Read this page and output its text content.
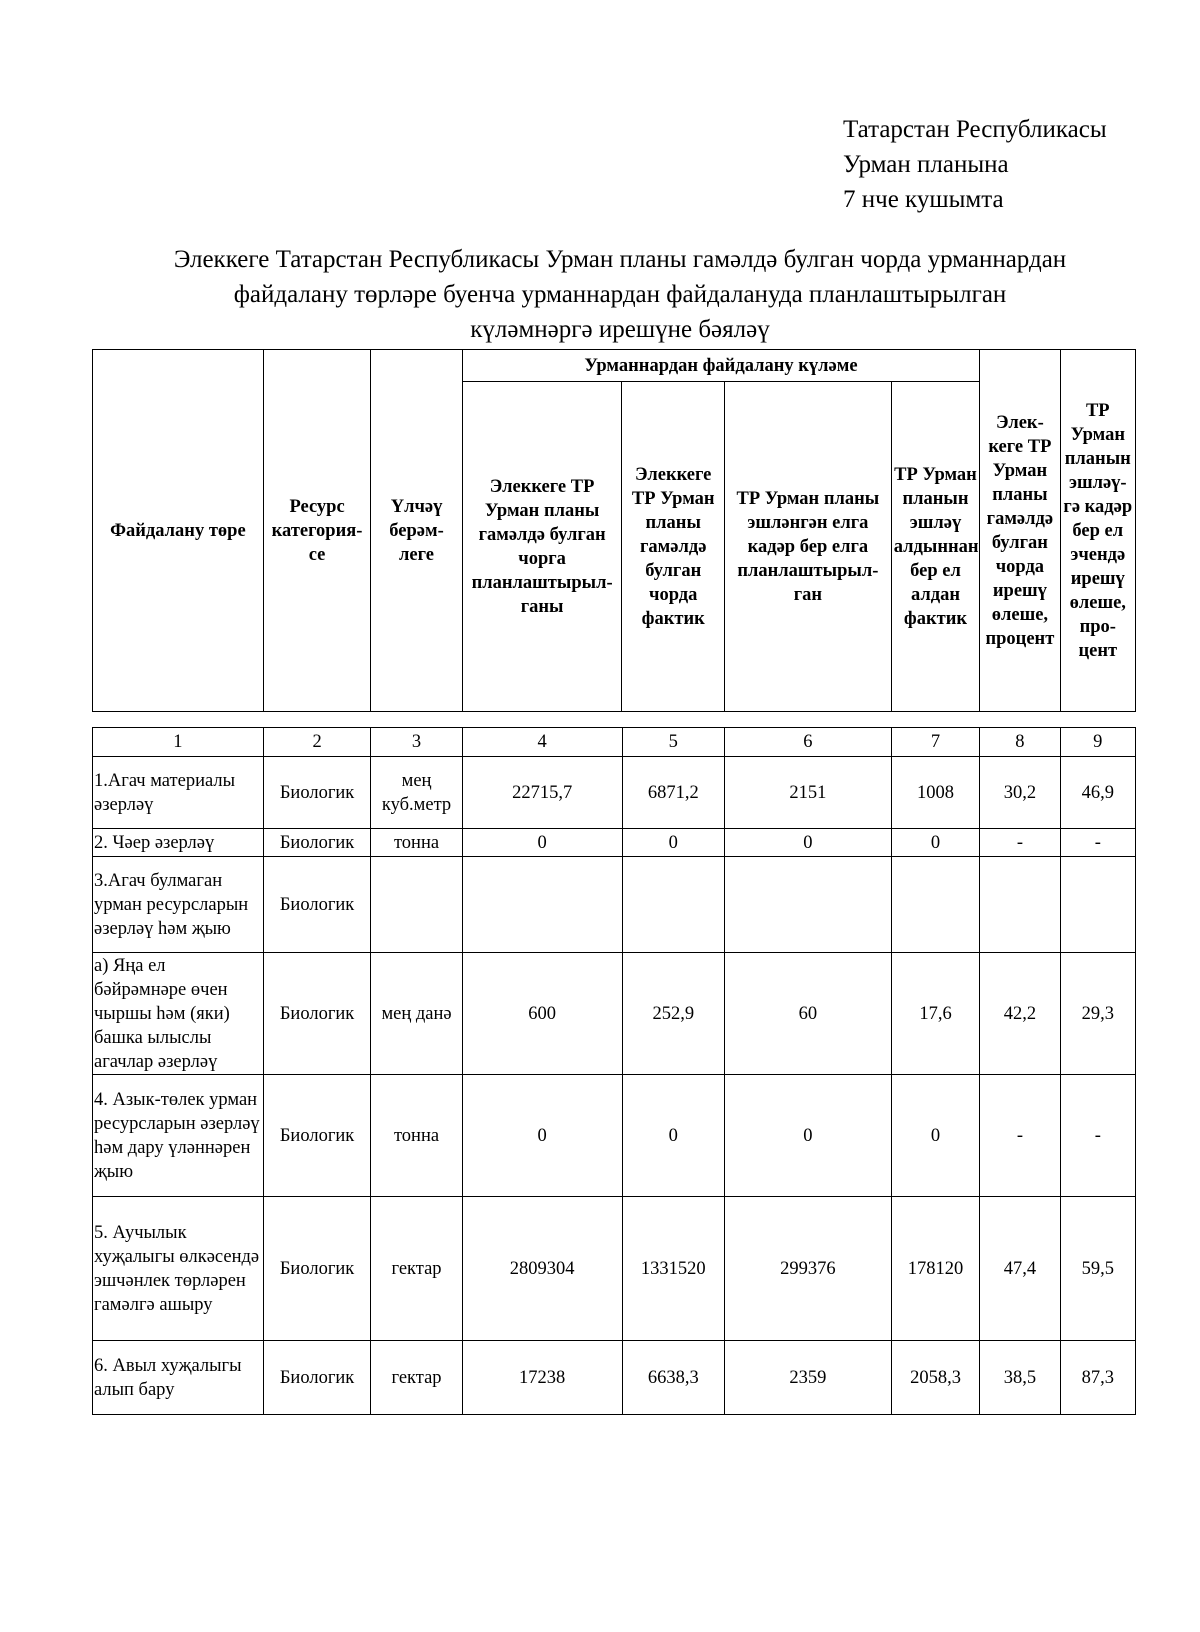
Татарстан Республикасы
Урман планына
7 нче кушымта
Элеккеге Татарстан Республикасы Урман планы гамәлдә булган чорда урманнардан
файдалану төрләре буенча урманнардан файдалануда планлаштырылган
күләмнәргә ирешүне бәяләү
Файдалану төре	Ресурс категория-се	Үлчәү берәм-леге	Урманнардан файдалану күләме				Элек-кеге ТР Урман планы гамәлдә булган чорда ирешү өлеше, процент	ТР Урман планын эшләү-гә кадәр бер ел эчендә ирешү өлеше, про-цент
			Элеккеге ТР Урман планы гамәлдә булган чорга планлаштырыл-ганы	Элеккеге ТР Урман планы гамәлдә булган чорда фактик	ТР Урман планы эшләнгән елга кадәр бер елга планлаштырыл-ган	ТР Урман планын эшләү алдыннан бер ел алдан фактик		
1	2	3	4	5	6	7	8	9
1.Агач материалы әзерләү	Биологик	мең куб.метр	22715,7	6871,2	2151	1008	30,2	46,9
2. Чәер әзерләү	Биологик	тонна	0	0	0	0	-	-
3.Агач булмаган урман ресурсларын әзерләү һәм җыю	Биологик							
а) Яңа ел бәйрәмнәре өчен чыршы һәм (яки) башка ылыслы агачлар әзерләү	Биологик	мең данә	600	252,9	60	17,6	42,2	29,3
4. Азык-төлек урман ресурсларын әзерләү һәм дару үләннәрен җыю	Биологик	тонна	0	0	0	0	-	-
5. Аучылык хуҗалыгы өлкәсендә эшчәнлек төрләрен гамәлгә ашыру	Биологик	гектар	2809304	1331520	299376	178120	47,4	59,5
6. Авыл хуҗалыгы алып бару	Биологик	гектар	17238	6638,3	2359	2058,3	38,5	87,3
